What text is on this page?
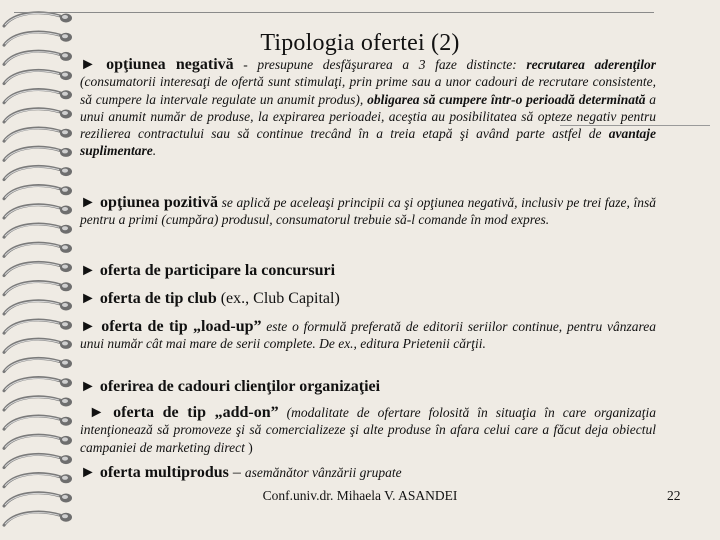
Tipologia ofertei (2)
► opţiunea negativă - presupune desfăşurarea a 3 faze distincte: recrutarea aderenţilor (consumatorii interesaţi de ofertă sunt stimulaţi, prin prime sau a unor cadouri de recrutare consistente, să cumpere la intervale regulate un anumit produs), obligarea să cumpere într-o perioadă determinată a unui anumit număr de produse, la expirarea perioadei, aceştia au posibilitatea să opteze negativ pentru rezilierea contractului sau să continue trecând în a treia etapă şi având parte astfel de avantaje suplimentare.
► opţiunea pozitivă se aplică pe aceleaşi principii ca şi opţiunea negativă, inclusiv pe trei faze, însă pentru a primi (cumpăra) produsul, consumatorul trebuie să-l comande în mod expres.
► oferta de participare la concursuri
► oferta de tip club (ex., Club Capital)
► oferta de tip „load-up” este o formulă preferată de editorii seriilor continue, pentru vânzarea unui număr cât mai mare de serii complete. De ex., editura Prietenii cărţii.
► oferirea de cadouri clienţilor organizaţiei
► oferta de tip „add-on” (modalitate de ofertare folosită în situaţia în care organizaţia intenţionează să promoveze şi să comercializeze şi alte produse în afara celui care a făcut deja obiectul campaniei de marketing direct )
► oferta multiprodus – asemănător vânzării grupate
Conf.univ.dr. Mihaela V. ASANDEI	22
